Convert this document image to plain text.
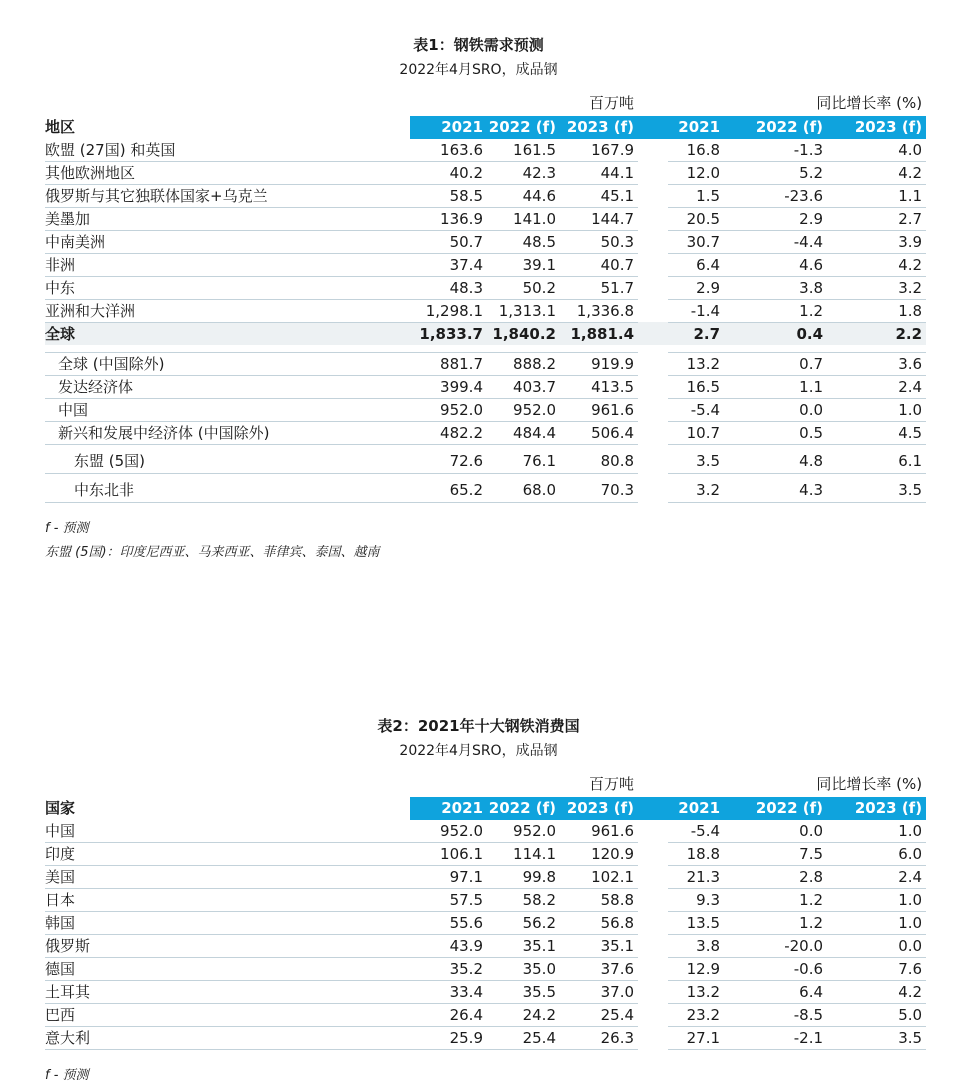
表1：钢铁需求预测
2022年4月SRO，成品钢
	百万吨			同比增长率 (%)			
地区	2021	2022 (f)	2023 (f)		2021	2022 (f)	2023 (f)
欧盟 (27国) 和英国	163.6	161.5	167.9		16.8	-1.3	4.0
其他欧洲地区	40.2	42.3	44.1		12.0	5.2	4.2
俄罗斯与其它独联体国家+乌克兰	58.5	44.6	45.1		1.5	-23.6	1.1
美墨加	136.9	141.0	144.7		20.5	2.9	2.7
中南美洲	50.7	48.5	50.3		30.7	-4.4	3.9
非洲	37.4	39.1	40.7		6.4	4.6	4.2
中东	48.3	50.2	51.7		2.9	3.8	3.2
亚洲和大洋洲	1,298.1	1,313.1	1,336.8		-1.4	1.2	1.8
全球	1,833.7	1,840.2	1,881.4		2.7	0.4	2.2

全球 (中国除外)	881.7	888.2	919.9		13.2	0.7	3.6
发达经济体	399.4	403.7	413.5		16.5	1.1	2.4
中国	952.0	952.0	961.6		-5.4	0.0	1.0
新兴和发展中经济体 (中国除外)	482.2	484.4	506.4		10.7	0.5	4.5
东盟 (5国)	72.6	76.1	80.8		3.5	4.8	6.1
中东北非	65.2	68.0	70.3		3.2	4.3	3.5
f - 预测
东盟 (5国)：印度尼西亚、马来西亚、菲律宾、泰国、越南
表2：2021年十大钢铁消费国
2022年4月SRO，成品钢
	百万吨			同比增长率 (%)			
国家	2021	2022 (f)	2023 (f)		2021	2022 (f)	2023 (f)
中国	952.0	952.0	961.6		-5.4	0.0	1.0
印度	106.1	114.1	120.9		18.8	7.5	6.0
美国	97.1	99.8	102.1		21.3	2.8	2.4
日本	57.5	58.2	58.8		9.3	1.2	1.0
韩国	55.6	56.2	56.8		13.5	1.2	1.0
俄罗斯	43.9	35.1	35.1		3.8	-20.0	0.0
德国	35.2	35.0	37.6		12.9	-0.6	7.6
土耳其	33.4	35.5	37.0		13.2	6.4	4.2
巴西	26.4	24.2	25.4		23.2	-8.5	5.0
意大利	25.9	25.4	26.3		27.1	-2.1	3.5
f - 预测
